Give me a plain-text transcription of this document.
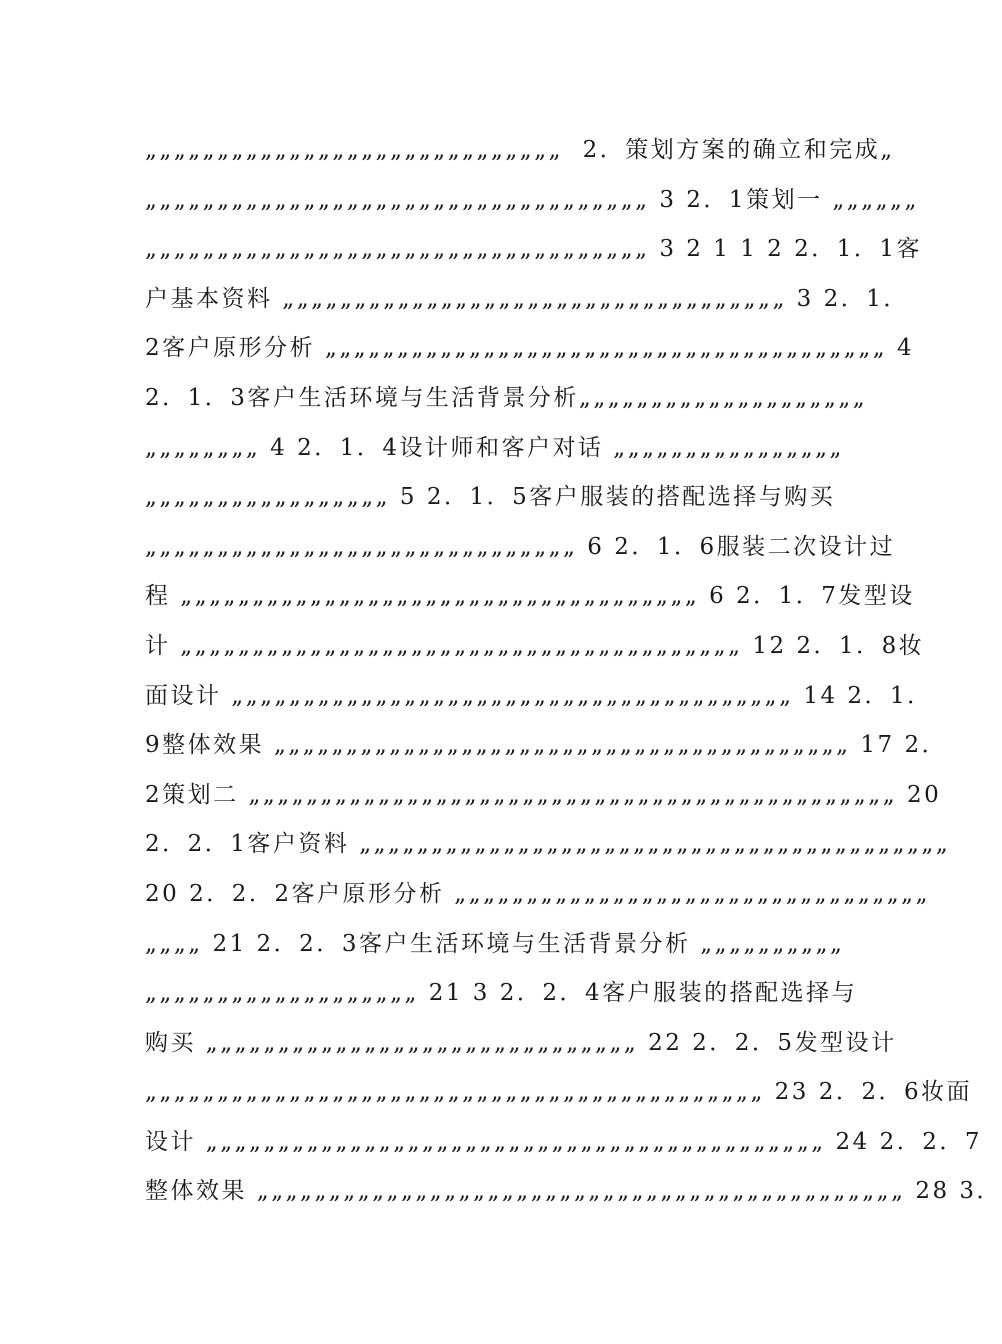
„„„„„„„„„„„„„„„„„„„„„„„„„„„„„  2．策划方案的确立和完成„
„„„„„„„„„„„„„„„„„„„„„„„„„„„„„„„„„„„ 3 2．1策划一 „„„„„„
„„„„„„„„„„„„„„„„„„„„„„„„„„„„„„„„„„„ 3 2 1 1 2 2．1．1客
户基本资料 „„„„„„„„„„„„„„„„„„„„„„„„„„„„„„„„„„„ 3 2．1．
2客户原形分析 „„„„„„„„„„„„„„„„„„„„„„„„„„„„„„„„„„„„„„„ 4
2．1．3客户生活环境与生活背景分析„„„„„„„„„„„„„„„„„„„„
„„„„„„„„ 4 2．1．4设计师和客户对话 „„„„„„„„„„„„„„„„
„„„„„„„„„„„„„„„„„ 5 2．1．5客户服装的搭配选择与购买
„„„„„„„„„„„„„„„„„„„„„„„„„„„„„„ 6 2．1．6服装二次设计过
程 „„„„„„„„„„„„„„„„„„„„„„„„„„„„„„„„„„„„ 6 2．1．7发型设
计 „„„„„„„„„„„„„„„„„„„„„„„„„„„„„„„„„„„„„„„ 12 2．1．8妆
面设计 „„„„„„„„„„„„„„„„„„„„„„„„„„„„„„„„„„„„„„„ 14 2．1．
9整体效果 „„„„„„„„„„„„„„„„„„„„„„„„„„„„„„„„„„„„„„„„ 17 2．
2策划二 „„„„„„„„„„„„„„„„„„„„„„„„„„„„„„„„„„„„„„„„„„„„„ 20
2．2．1客户资料 „„„„„„„„„„„„„„„„„„„„„„„„„„„„„„„„„„„„„„„„„
20 2．2．2客户原形分析 „„„„„„„„„„„„„„„„„„„„„„„„„„„„„„„„„
„„„„ 21 2．2．3客户生活环境与生活背景分析 „„„„„„„„„„
„„„„„„„„„„„„„„„„„„„ 21 3 2．2．4客户服装的搭配选择与
购买 „„„„„„„„„„„„„„„„„„„„„„„„„„„„„„ 22 2．2．5发型设计
„„„„„„„„„„„„„„„„„„„„„„„„„„„„„„„„„„„„„„„„„„„ 23 2．2．6妆面
设计 „„„„„„„„„„„„„„„„„„„„„„„„„„„„„„„„„„„„„„„„„„„ 24 2．2．7
整体效果 „„„„„„„„„„„„„„„„„„„„„„„„„„„„„„„„„„„„„„„„„„„„„ 28 3．
